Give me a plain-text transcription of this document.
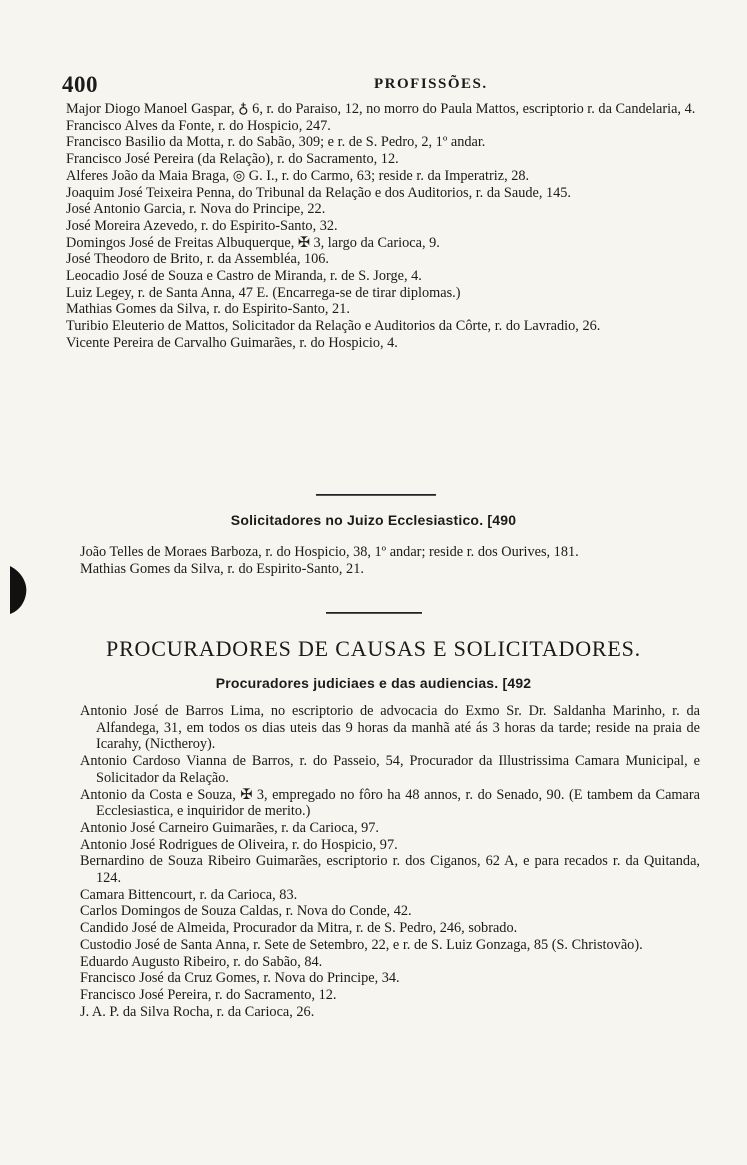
400	PROFISSÕES.
Major Diogo Manoel Gaspar, ♁ 6, r. do Paraiso, 12, no morro do Paula Mattos, escriptorio r. da Candelaria, 4.
Francisco Alves da Fonte, r. do Hospicio, 247.
Francisco Basilio da Motta, r. do Sabão, 309; e r. de S. Pedro, 2, 1º andar.
Francisco José Pereira (da Relação), r. do Sacramento, 12.
Alferes João da Maia Braga, ◎ G. I., r. do Carmo, 63; reside r. da Imperatriz, 28.
Joaquim José Teixeira Penna, do Tribunal da Relação e dos Auditorios, r. da Saude, 145.
José Antonio Garcia, r. Nova do Principe, 22.
José Moreira Azevedo, r. do Espirito-Santo, 32.
Domingos José de Freitas Albuquerque, ✠ 3, largo da Carioca, 9.
José Theodoro de Brito, r. da Assembléa, 106.
Leocadio José de Souza e Castro de Miranda, r. de S. Jorge, 4.
Luiz Legey, r. de Santa Anna, 47 E. (Encarrega-se de tirar diplomas.)
Mathias Gomes da Silva, r. do Espirito-Santo, 21.
Turibio Eleuterio de Mattos, Solicitador da Relação e Auditorios da Côrte, r. do Lavradio, 26.
Vicente Pereira de Carvalho Guimarães, r. do Hospicio, 4.
Solicitadores no Juizo Ecclesiastico. [490
João Telles de Moraes Barboza, r. do Hospicio, 38, 1º andar; reside r. dos Ourives, 181.
Mathias Gomes da Silva, r. do Espirito-Santo, 21.
PROCURADORES DE CAUSAS E SOLICITADORES.
Procuradores judiciaes e das audiencias. [492
Antonio José de Barros Lima, no escriptorio de advocacia do Exmo Sr. Dr. Saldanha Marinho, r. da Alfandega, 31, em todos os dias uteis das 9 horas da manhã até ás 3 horas da tarde; reside na praia de Icarahy, (Nictheroy).
Antonio Cardoso Vianna de Barros, r. do Passeio, 54, Procurador da Illustrissima Camara Municipal, e Solicitador da Relação.
Antonio da Costa e Souza, ✠ 3, empregado no fôro ha 48 annos, r. do Senado, 90. (E tambem da Camara Ecclesiastica, e inquiridor de merito.)
Antonio José Carneiro Guimarães, r. da Carioca, 97.
Antonio José Rodrigues de Oliveira, r. do Hospicio, 97.
Bernardino de Souza Ribeiro Guimarães, escriptorio r. dos Ciganos, 62 A, e para recados r. da Quitanda, 124.
Camara Bittencourt, r. da Carioca, 83.
Carlos Domingos de Souza Caldas, r. Nova do Conde, 42.
Candido José de Almeida, Procurador da Mitra, r. de S. Pedro, 246, sobrado.
Custodio José de Santa Anna, r. Sete de Setembro, 22, e r. de S. Luiz Gonzaga, 85 (S. Christovão).
Eduardo Augusto Ribeiro, r. do Sabão, 84.
Francisco José da Cruz Gomes, r. Nova do Principe, 34.
Francisco José Pereira, r. do Sacramento, 12.
J. A. P. da Silva Rocha, r. da Carioca, 26.
